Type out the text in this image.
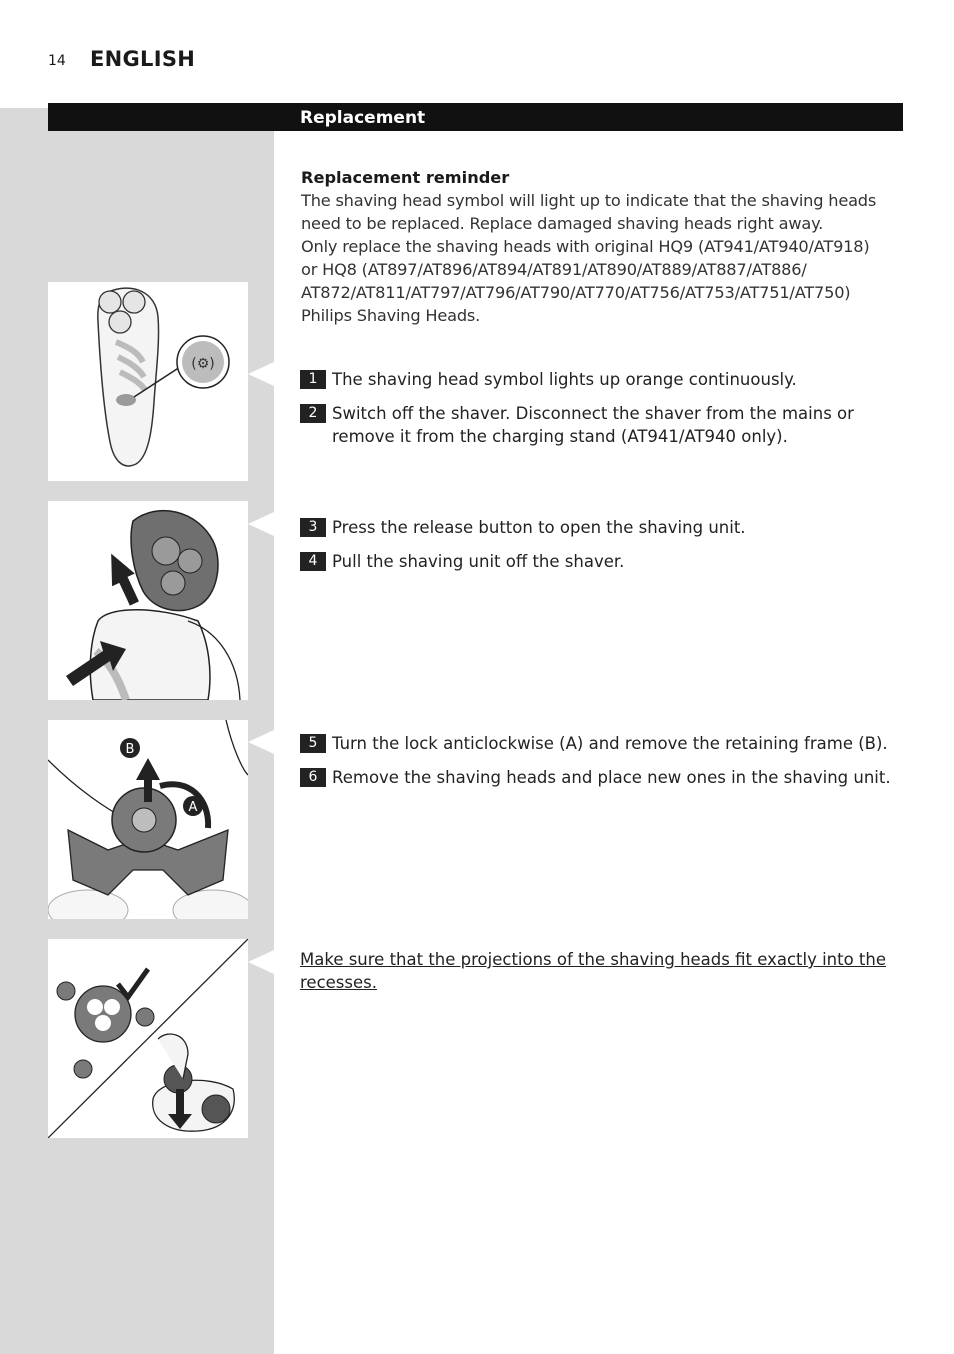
14 ENGLISH
Replacement
Replacement reminder
The shaving head symbol will light up to indicate that the shaving heads
need to be replaced. Replace damaged shaving heads right away.
Only replace the shaving heads with original HQ9 (AT941/AT940/AT918)
or HQ8 (AT897/AT896/AT894/AT891/AT890/AT889/AT887/AT886/
AT872/AT811/AT797/AT796/AT790/AT770/AT756/AT753/AT751/AT750)
Philips Shaving Heads.
1 The shaving head symbol lights up orange continuously.
2 Switch off the shaver. Disconnect the shaver from the mains or
remove it from the charging stand (AT941/AT940 only).
3 Press the release button to open the shaving unit.
4 Pull the shaving unit off the shaver.
5 Turn the lock anticlockwise (A) and remove the retaining frame (B).
6 Remove the shaving heads and place new ones in the shaving unit.
Make sure that the projections of the shaving heads fit exactly into the
recesses.
(⚙)
B
A
